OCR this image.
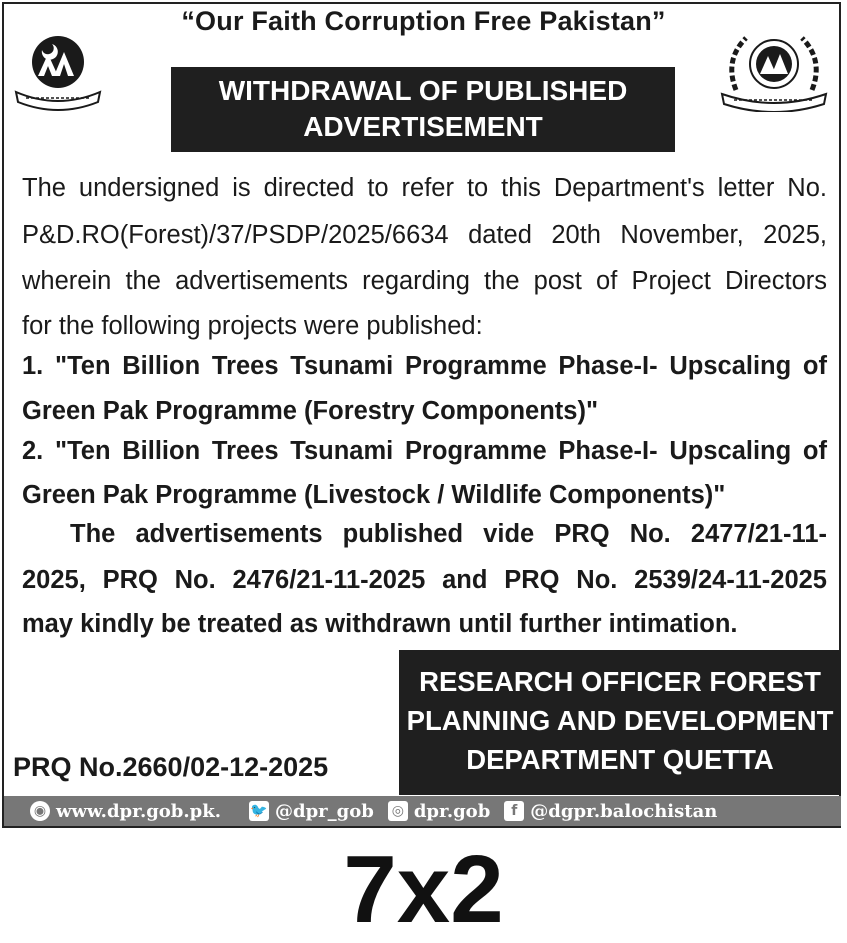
“Our Faith Corruption Free Pakistan”
WITHDRAWAL OF PUBLISHED
ADVERTISEMENT
The undersigned is directed to refer to this Department's letter No.
P&D.RO(Forest)/37/PSDP/2025/6634 dated 20th November, 2025,
wherein the advertisements regarding the post of Project Directors
for the following projects were published:
1. "Ten Billion Trees Tsunami Programme Phase-I- Upscaling of
Green Pak Programme (Forestry Components)"
2. "Ten Billion Trees Tsunami Programme Phase-I- Upscaling of
Green Pak Programme (Livestock / Wildlife Components)"
The advertisements published vide PRQ No. 2477/21-11-
2025, PRQ No. 2476/21-11-2025 and PRQ No. 2539/24-11-2025
may kindly be treated as withdrawn until further intimation.
RESEARCH OFFICER FOREST
PLANNING AND DEVELOPMENT
DEPARTMENT QUETTA
PRQ No.2660/02-12-2025
◉ www.dpr.gob.pk. 🐦 @dpr_gob ◎ dpr.gob	f @dgpr.balochistan
7x2
